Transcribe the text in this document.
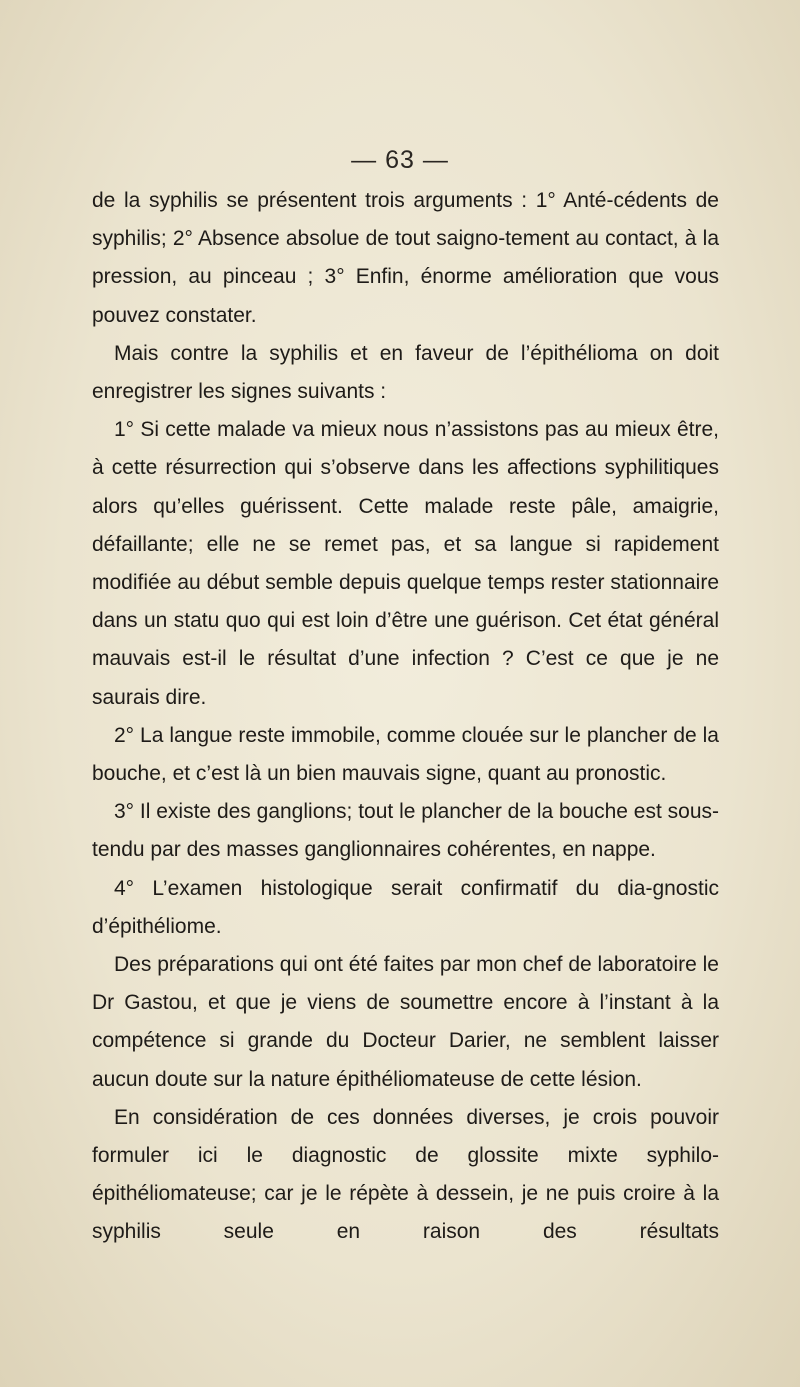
— 63 —

de la syphilis se présentent trois arguments : 1° Anté-cédents de syphilis; 2° Absence absolue de tout saigno-tement au contact, à la pression, au pinceau ; 3° Enfin, énorme amélioration que vous pouvez constater.

Mais contre la syphilis et en faveur de l’épithélioma on doit enregistrer les signes suivants :

1° Si cette malade va mieux nous n’assistons pas au mieux être, à cette résurrection qui s’observe dans les affections syphilitiques alors qu’elles guérissent. Cette malade reste pâle, amaigrie, défaillante; elle ne se remet pas, et sa langue si rapidement modifiée au début semble depuis quelque temps rester stationnaire dans un statu quo qui est loin d’être une guérison. Cet état général mauvais est-il le résultat d’une infection ? C’est ce que je ne saurais dire.

2° La langue reste immobile, comme clouée sur le plancher de la bouche, et c’est là un bien mauvais signe, quant au pronostic.

3° Il existe des ganglions; tout le plancher de la bouche est sous-tendu par des masses ganglionnaires cohérentes, en nappe.

4° L’examen histologique serait confirmatif du dia-gnostic d’épithéliome.

Des préparations qui ont été faites par mon chef de laboratoire le Dr Gastou, et que je viens de soumettre encore à l’instant à la compétence si grande du Docteur Darier, ne semblent laisser aucun doute sur la nature épithéliomateuse de cette lésion.

En considération de ces données diverses, je crois pouvoir formuler ici le diagnostic de glossite mixte syphilo-épithéliomateuse; car je le répète à dessein, je ne puis croire à la syphilis seule en raison des résultats
